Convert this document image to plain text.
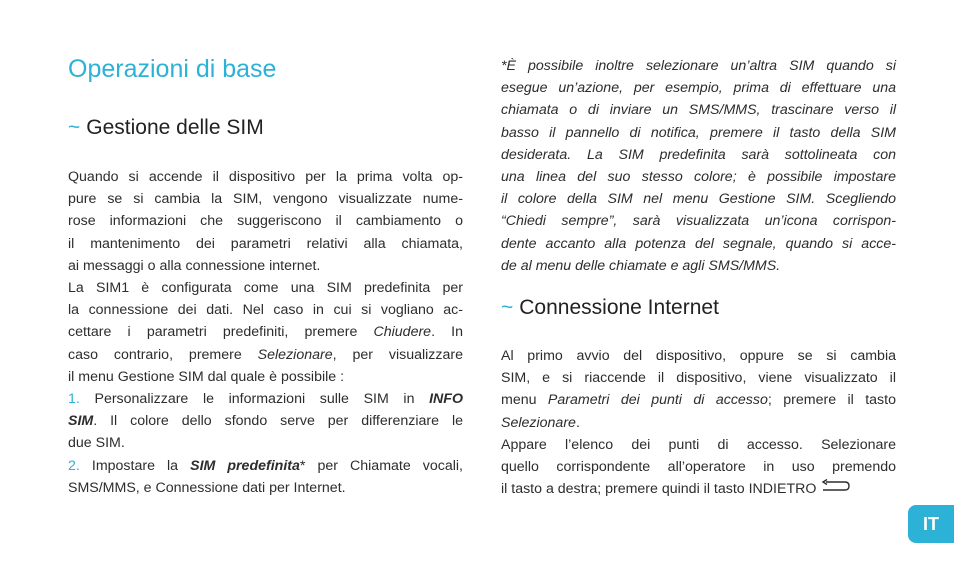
Operazioni di base
~ Gestione delle SIM
Quando si accende il dispositivo per la prima volta op-
pure se si cambia la SIM, vengono visualizzate nume-
rose informazioni che suggeriscono il cambiamento o
il mantenimento dei parametri relativi alla chiamata,
ai messaggi o alla connessione internet.
La SIM1 è configurata come una SIM predefinita per
la connessione dei dati. Nel caso in cui si vogliano ac-
cettare i parametri predefiniti, premere Chiudere. In
caso contrario, premere Selezionare, per visualizzare
il menu Gestione SIM dal quale è possibile :
1. Personalizzare le informazioni sulle SIM in INFO
SIM. Il colore dello sfondo serve per differenziare le
due SIM.
2. Impostare la SIM predefinita* per Chiamate vocali,
SMS/MMS, e Connessione dati per Internet.
*È possibile inoltre selezionare un’altra SIM quando si
esegue un’azione, per esempio, prima di effettuare una
chiamata o di inviare un SMS/MMS, trascinare verso il
basso il pannello di notifica, premere il tasto della SIM
desiderata. La SIM predefinita sarà sottolineata con
una linea del suo stesso colore; è possibile impostare
il colore della SIM nel menu Gestione SIM. Scegliendo
“Chiedi sempre”, sarà visualizzata un’icona corrispon-
dente accanto alla potenza del segnale, quando si acce-
de al menu delle chiamate e agli SMS/MMS.
~ Connessione Internet
Al primo avvio del dispositivo, oppure se si cambia
SIM, e si riaccende il dispositivo, viene visualizzato il
menu Parametri dei punti di accesso; premere il tasto
Selezionare.
Appare l’elenco dei punti di accesso. Selezionare
quello corrispondente all’operatore in uso premendo
il tasto a destra; premere quindi il tasto INDIETRO
IT
